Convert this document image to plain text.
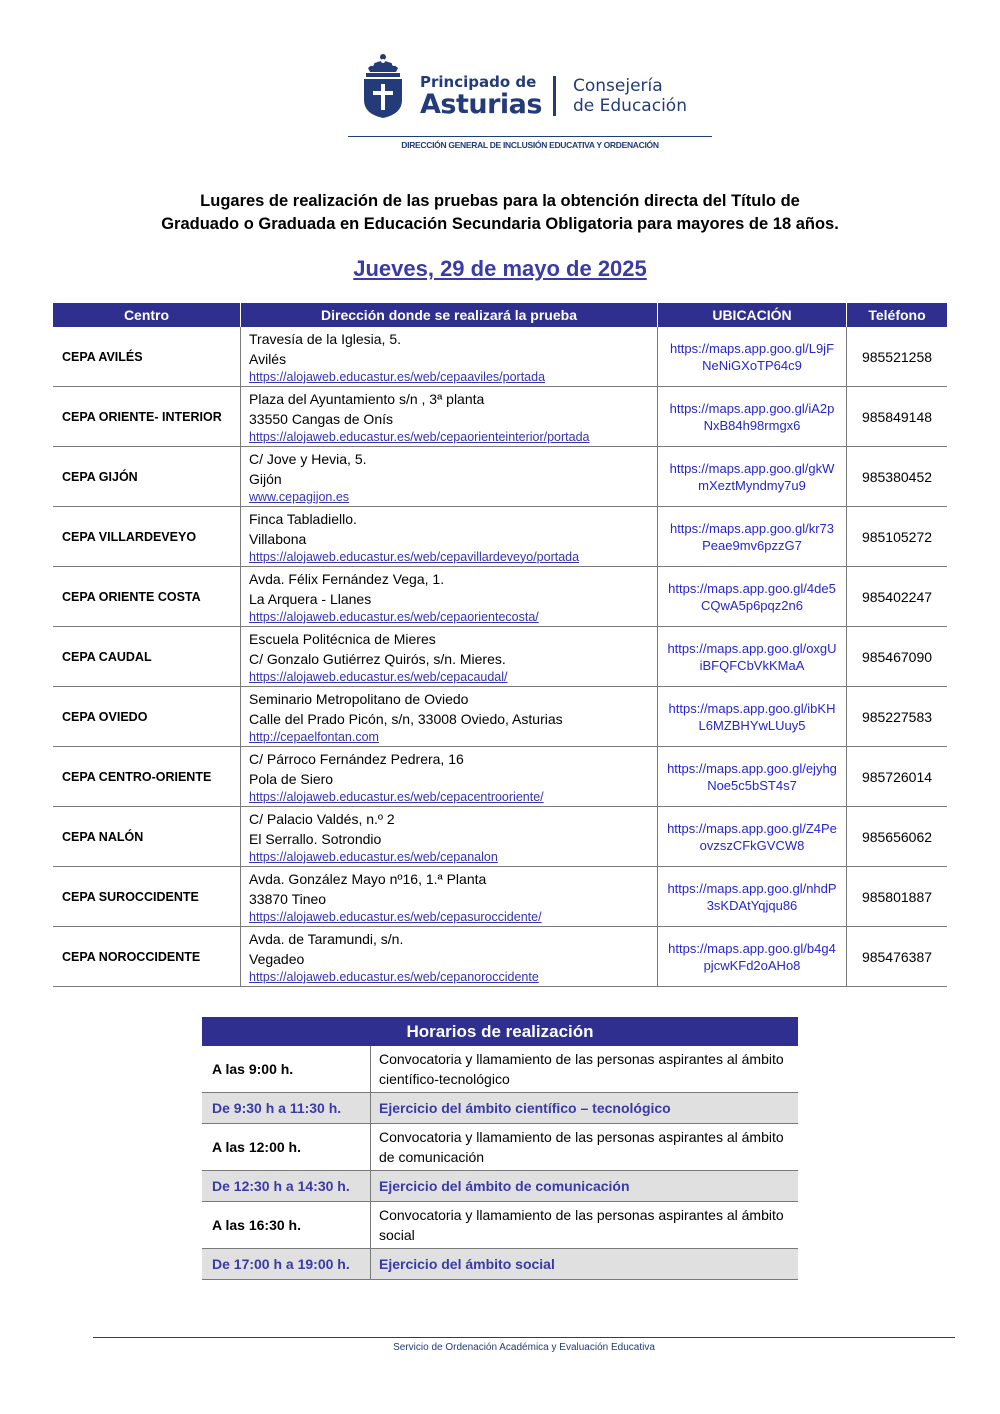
Principado de
Asturias
Consejería
de Educación
DIRECCIÓN GENERAL DE INCLUSIÓN EDUCATIVA Y ORDENACIÓN
Lugares de realización de las pruebas para la obtención directa del Título de
Graduado o Graduada en Educación Secundaria Obligatoria para mayores de 18 años.
Jueves, 29 de mayo de 2025
Centro	Dirección donde se realizará la prueba	UBICACIÓN	Teléfono
CEPA AVILÉS	Travesía de la Iglesia, 5.
Avilés
https://alojaweb.educastur.es/web/cepaaviles/portada	https://maps.app.goo.gl/L9jFNeNiGXoTP64c9	985521258
CEPA ORIENTE- INTERIOR	Plaza del Ayuntamiento s/n , 3ª planta
33550 Cangas de Onís
https://alojaweb.educastur.es/web/cepaorienteinterior/portada	https://maps.app.goo.gl/iA2pNxB84h98rmgx6	985849148
CEPA GIJÓN	C/ Jove y Hevia, 5.
Gijón
www.cepagijon.es	https://maps.app.goo.gl/gkWmXeztMyndmy7u9	985380452
CEPA VILLARDEVEYO	Finca Tabladiello.
Villabona
https://alojaweb.educastur.es/web/cepavillardeveyo/portada	https://maps.app.goo.gl/kr73Peae9mv6pzzG7	985105272
CEPA ORIENTE COSTA	Avda. Félix Fernández Vega, 1.
La Arquera - Llanes
https://alojaweb.educastur.es/web/cepaorientecosta/	https://maps.app.goo.gl/4de5CQwA5p6pqz2n6	985402247
CEPA CAUDAL	Escuela Politécnica de Mieres
C/ Gonzalo Gutiérrez Quirós, s/n. Mieres.
https://alojaweb.educastur.es/web/cepacaudal/	https://maps.app.goo.gl/oxgUiBFQFCbVkKMaA	985467090
CEPA OVIEDO	Seminario Metropolitano de Oviedo
Calle del Prado Picón, s/n, 33008 Oviedo, Asturias
http://cepaelfontan.com	https://maps.app.goo.gl/ibKHL6MZBHYwLUuy5	985227583
CEPA CENTRO-ORIENTE	C/ Párroco Fernández Pedrera, 16
Pola de Siero
https://alojaweb.educastur.es/web/cepacentrooriente/	https://maps.app.goo.gl/ejyhgNoe5c5bST4s7	985726014
CEPA NALÓN	C/ Palacio Valdés, n.º 2
El Serrallo. Sotrondio
https://alojaweb.educastur.es/web/cepanalon	https://maps.app.goo.gl/Z4PeovzszCFkGVCW8	985656062
CEPA SUROCCIDENTE	Avda. González Mayo nº16, 1.ª Planta
33870 Tineo
https://alojaweb.educastur.es/web/cepasuroccidente/	https://maps.app.goo.gl/nhdP3sKDAtYqjqu86	985801887
CEPA NOROCCIDENTE	Avda. de Taramundi, s/n.
Vegadeo
https://alojaweb.educastur.es/web/cepanoroccidente	https://maps.app.goo.gl/b4g4pjcwKFd2oAHo8	985476387
Horarios de realización	
A las 9:00 h.	Convocatoria y llamamiento de las personas aspirantes al ámbito científico-tecnológico
De 9:30 h a 11:30 h.	Ejercicio del ámbito científico – tecnológico
A las 12:00 h.	Convocatoria y llamamiento de las personas aspirantes al ámbito de comunicación
De 12:30 h a 14:30 h.	Ejercicio del ámbito de comunicación
A las 16:30 h.	Convocatoria y llamamiento de las personas aspirantes al ámbito social
De 17:00 h a 19:00 h.	Ejercicio del ámbito social
Servicio de Ordenación Académica y Evaluación Educativa
